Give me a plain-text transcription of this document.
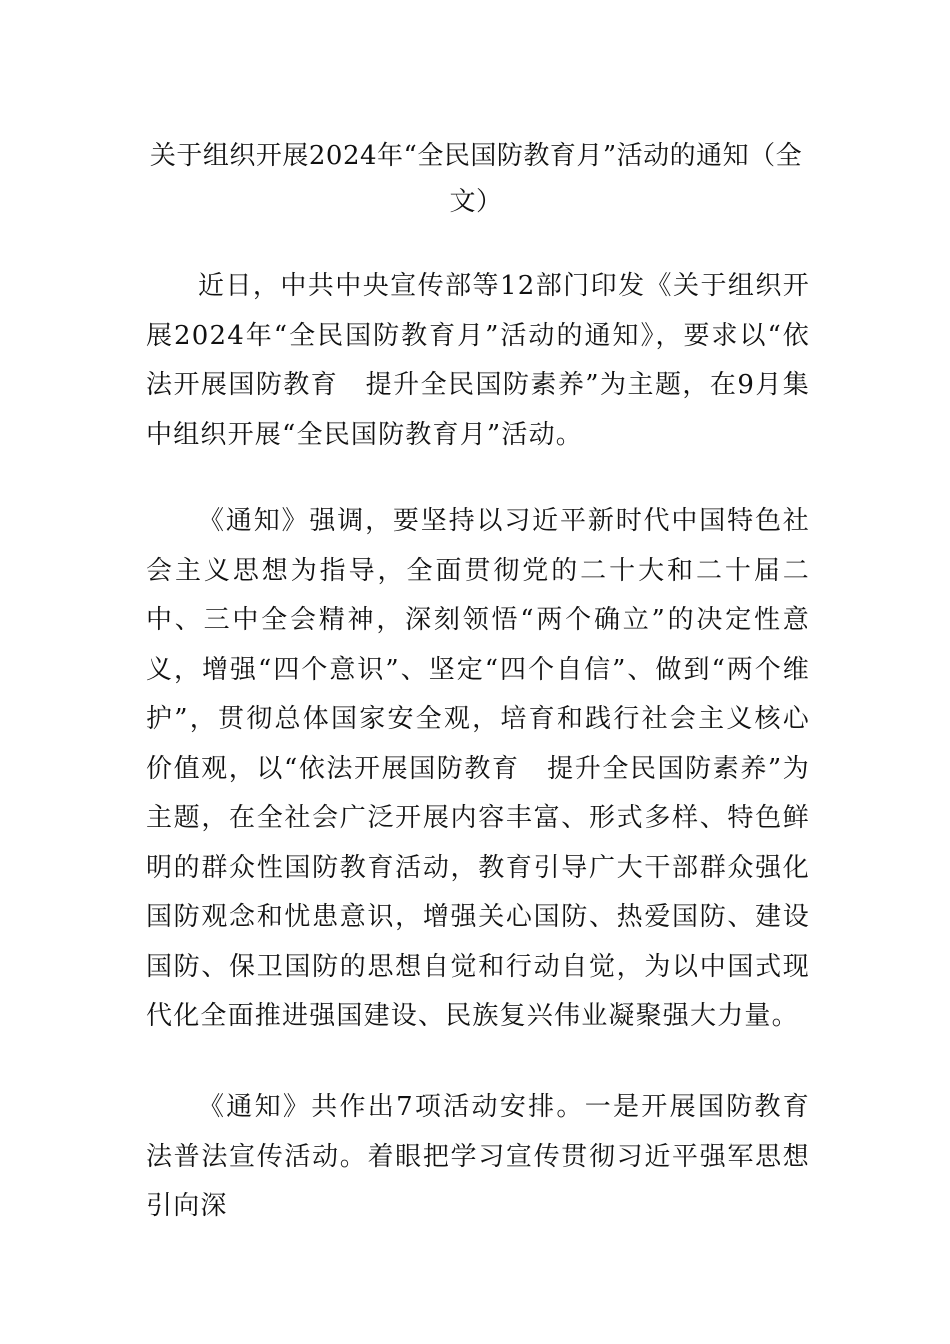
关于组织开展2024年“全民国防教育月”活动的通知（全文）

近日，中共中央宣传部等12部门印发《关于组织开展2024年“全民国防教育月”活动的通知》，要求以“依法开展国防教育　提升全民国防素养”为主题，在9月集中组织开展“全民国防教育月”活动。

《通知》强调，要坚持以习近平新时代中国特色社会主义思想为指导，全面贯彻党的二十大和二十届二中、三中全会精神，深刻领悟“两个确立”的决定性意义，增强“四个意识”、坚定“四个自信”、做到“两个维护”，贯彻总体国家安全观，培育和践行社会主义核心价值观，以“依法开展国防教育　提升全民国防素养”为主题，在全社会广泛开展内容丰富、形式多样、特色鲜明的群众性国防教育活动，教育引导广大干部群众强化国防观念和忧患意识，增强关心国防、热爱国防、建设国防、保卫国防的思想自觉和行动自觉，为以中国式现代化全面推进强国建设、民族复兴伟业凝聚强大力量。

《通知》共作出7项活动安排。一是开展国防教育法普法宣传活动。着眼把学习宣传贯彻习近平强军思想引向深
